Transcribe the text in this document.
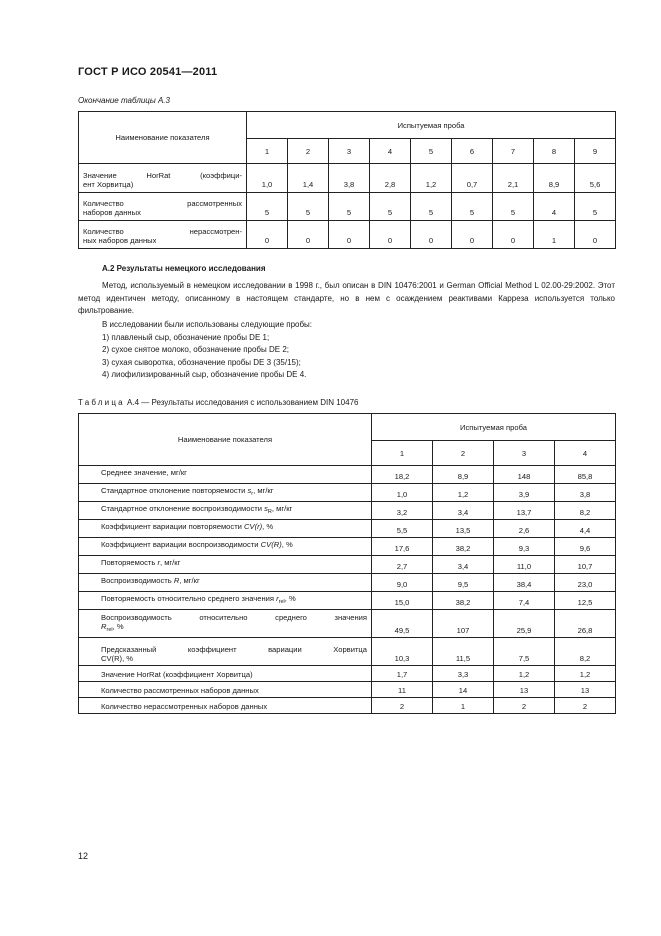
ГОСТ Р ИСО 20541—2011
Окончание таблицы А.3
Наименование показателя	Испытуемая проба								
	1	2	3	4	5	6	7	8	9
Значение HorRat (коэффици-
ент Хорвитца)	1,0	1,4	3,8	2,8	1,2	0,7	2,1	8,9	5,6
Количество рассмотренных
наборов данных	5	5	5	5	5	5	5	4	5
Количество нерассмотрен-
ных наборов данных	0	0	0	0	0	0	0	1	0
А.2 Результаты немецкого исследования
Метод, используемый в немецком исследовании в 1998 г., был описан в DIN 10476:2001 и German Official Method L 02.00-29:2002. Этот метод идентичен методу, описанному в настоящем стандарте, но в нем с осаждением реактивами Карреза используется только фильтрование.
В исследовании были использованы следующие пробы:
1) плавленый сыр, обозначение пробы DE 1;
2) сухое снятое молоко, обозначение пробы DE 2;
3) сухая сыворотка, обозначение пробы DE 3 (35/15);
4) лиофилизированный сыр, обозначение пробы DE 4.
Таблица А.4 — Результаты исследования с использованием DIN 10476
Наименование показателя	Испытуемая проба			
	1	2	3	4
Среднее значение, мг/кг	18,2	8,9	148	85,8
Стандартное отклонение повторяемости $s_r$, мг/кг	1,0	1,2	3,9	3,8
Стандартное отклонение воспроизводимости $s_R$, мг/кг	3,2	3,4	13,7	8,2
Коэффициент вариации повторяемости CV(r), %	5,5	13,5	2,6	4,4
Коэффициент вариации воспроизводимости CV(R), %	17,6	38,2	9,3	9,6
Повторяемость r, мг/кг	2,7	3,4	11,0	10,7
Воспроизводимость R, мг/кг	9,0	9,5	38,4	23,0
Повторяемость относительно среднего значения $r_{rel}$, %	15,0	38,2	7,4	12,5
Воспроизводимость относительно среднего значения
$R_{rel}$, %	49,5	107	25,9	26,8
Предсказанный коэффициент вариации Хорвитца
CV(R), %	10,3	11,5	7,5	8,2
Значение HorRat (коэффициент Хорвитца)	1,7	3,3	1,2	1,2
Количество рассмотренных наборов данных	11	14	13	13
Количество нерассмотренных наборов данных	2	1	2	2
12
